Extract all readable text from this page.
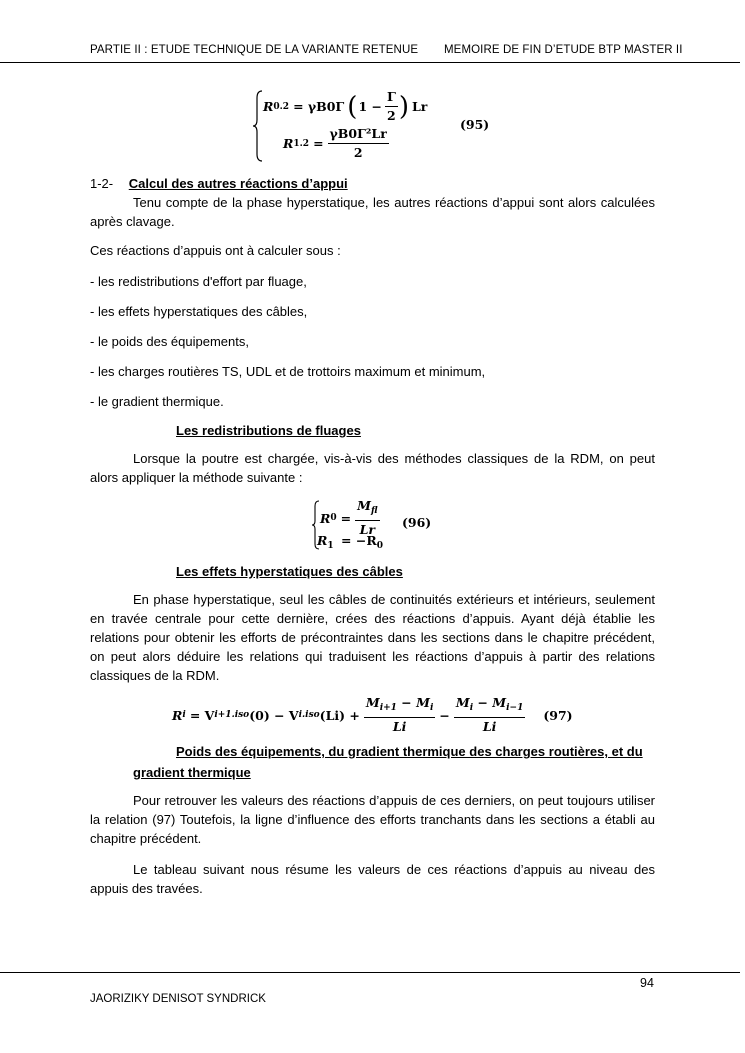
PARTIE II : ETUDE TECHNIQUE DE LA VARIANTE RETENUE MEMOIRE DE FIN D’ETUDE BTP MASTER II
R 0.2 = γB0Γ ( $1 - \frac{\Gamma}{2}$ ) Lr
R $1.2 = \frac{\text{γB0Γ²Lr}}{2}$
(95)
1-2- Calcul des autres réactions d’appui
Tenu compte de la phase hyperstatique, les autres réactions d’appui sont alors calculées après clavage.
Ces réactions d’appuis ont à calculer sous :
- les redistributions d'effort par fluage,
- les effets hyperstatiques des câbles,
- le poids des équipements,
- les charges routières TS, UDL et de trottoirs maximum et minimum,
- le gradient thermique.
Les redistributions de fluages
Lorsque la poutre est chargée, vis-à-vis des méthodes classiques de la RDM, on peut alors appliquer la méthode suivante :
R $0 = \frac{M_{fl}}{Lr}$
$R_1 = -R_0$
(96)
Les effets hyperstatiques des câbles
En phase hyperstatique, seul les câbles de continuités extérieurs et intérieurs, seulement en travée centrale pour cette dernière, crées des réactions d’appuis. Ayant déjà établie les relations pour obtenir les efforts de précontraintes dans les sections dans le chapitre précédent, on peut alors déduire les relations qui traduisent les réactions d’appuis à partir des relations classiques de la RDM.
R i = V i+1.iso (0) − V i.iso $(Li) + \frac{M_{i+1} - M_i}{Li} - \frac{M_i - M_{i-1}}{Li} (97)$
Poids des équipements, du gradient thermique des charges routières, et du
gradient thermique
Pour retrouver les valeurs des réactions d’appuis de ces derniers, on peut toujours utiliser la relation (97) Toutefois, la ligne d’influence des efforts tranchants dans les sections a établi au chapitre précédent.
Le tableau suivant nous résume les valeurs de ces réactions d’appuis au niveau des appuis des travées.
94
JAORIZIKY DENISOT SYNDRICK
